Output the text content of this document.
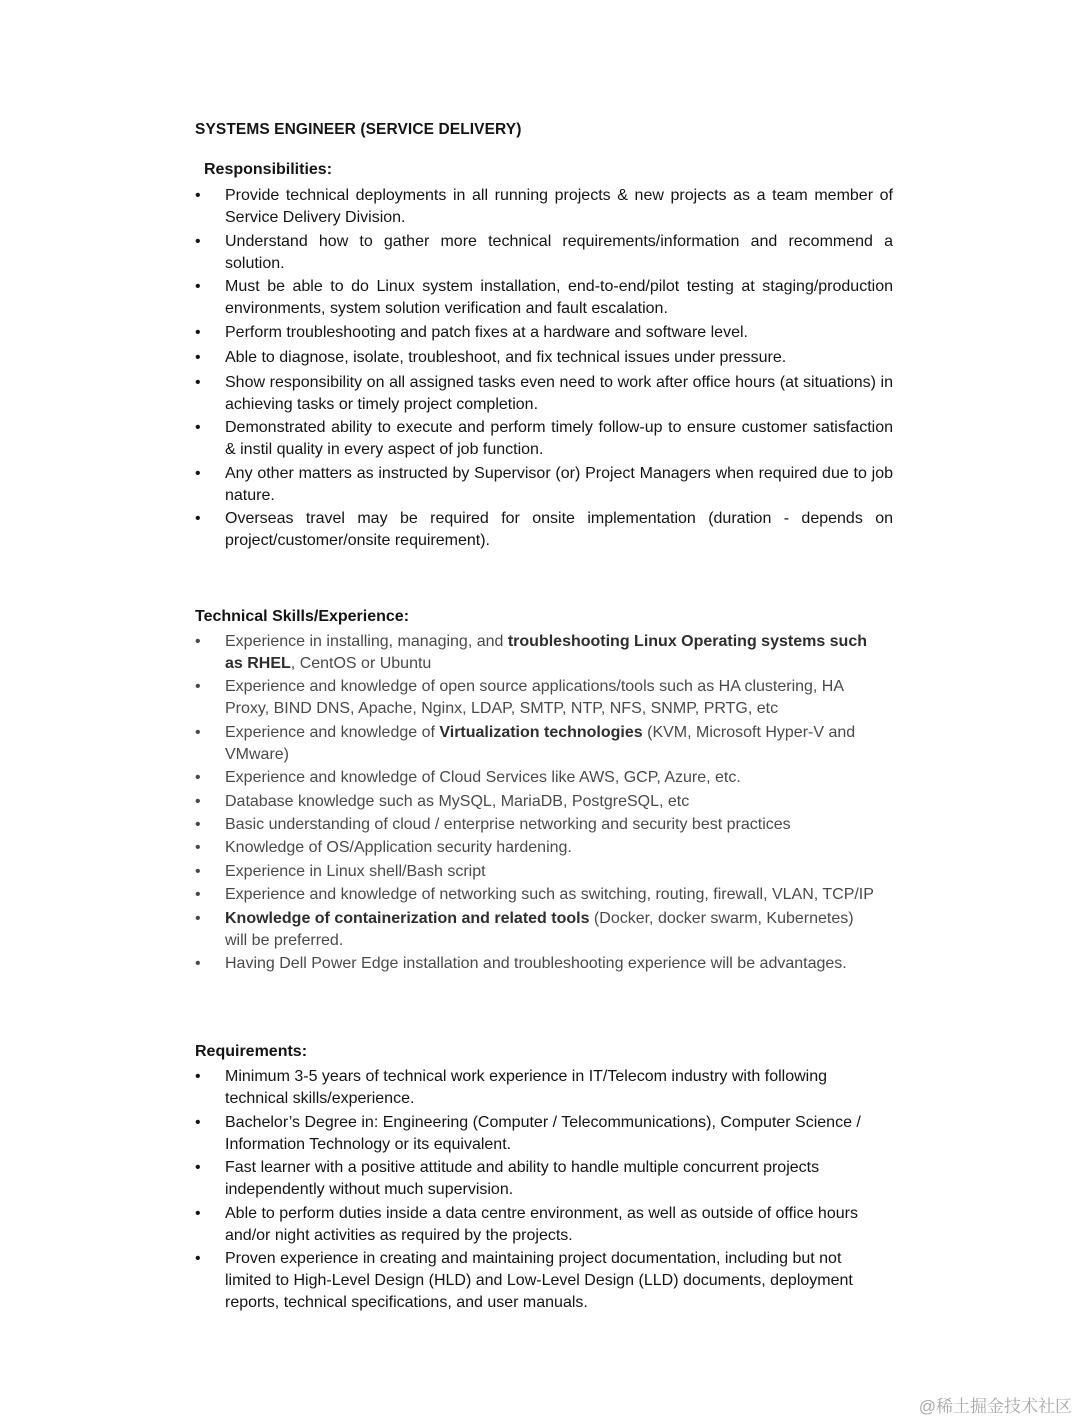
SYSTEMS ENGINEER (SERVICE DELIVERY)
Responsibilities:
•	Provide technical deployments in all running projects & new projects as a team member of Service Delivery Division.
•	Understand how to gather more technical requirements/information and recommend a solution.
•	Must be able to do Linux system installation, end-to-end/pilot testing at staging/production environments, system solution verification and fault escalation.
•	Perform troubleshooting and patch fixes at a hardware and software level.
•	Able to diagnose, isolate, troubleshoot, and fix technical issues under pressure.
•	Show responsibility on all assigned tasks even need to work after office hours (at situations) in achieving tasks or timely project completion.
•	Demonstrated ability to execute and perform timely follow-up to ensure customer satisfaction & instil quality in every aspect of job function.
•	Any other matters as instructed by Supervisor (or) Project Managers when required due to job nature.
•	Overseas travel may be required for onsite implementation (duration - depends on project/customer/onsite requirement).
Technical Skills/Experience:
•	Experience in installing, managing, and troubleshooting Linux Operating systems such as RHEL, CentOS or Ubuntu
•	Experience and knowledge of open source applications/tools such as HA clustering, HA Proxy, BIND DNS, Apache, Nginx, LDAP, SMTP, NTP, NFS, SNMP, PRTG, etc
•	Experience and knowledge of Virtualization technologies (KVM, Microsoft Hyper-V and VMware)
•	Experience and knowledge of Cloud Services like AWS, GCP, Azure, etc.
•	Database knowledge such as MySQL, MariaDB, PostgreSQL, etc
•	Basic understanding of cloud / enterprise networking and security best practices
•	Knowledge of OS/Application security hardening.
•	Experience in Linux shell/Bash script
•	Experience and knowledge of networking such as switching, routing, firewall, VLAN, TCP/IP
•	Knowledge of containerization and related tools (Docker, docker swarm, Kubernetes) will be preferred.
•	Having Dell Power Edge installation and troubleshooting experience will be advantages.
Requirements:
•	Minimum 3-5 years of technical work experience in IT/Telecom industry with following technical skills/experience.
•	Bachelor’s Degree in: Engineering (Computer / Telecommunications), Computer Science / Information Technology or its equivalent.
•	Fast learner with a positive attitude and ability to handle multiple concurrent projects independently without much supervision.
•	Able to perform duties inside a data centre environment, as well as outside of office hours and/or night activities as required by the projects.
•	Proven experience in creating and maintaining project documentation, including but not limited to High-Level Design (HLD) and Low-Level Design (LLD) documents, deployment reports, technical specifications, and user manuals.
@稀土掘金技术社区
